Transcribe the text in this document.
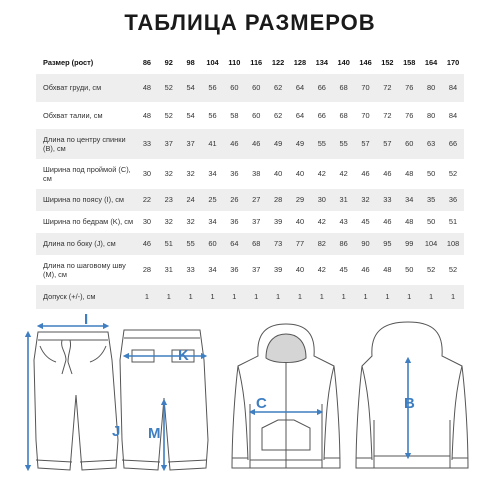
ТАБЛИЦА РАЗМЕРОВ
Размер (рост)	86	92	98	104	110	116	122	128	134	140	146	152	158	164	170
Обхват груди, см	48	52	54	56	60	60	62	64	66	68	70	72	76	80	84
Обхват талии, см	48	52	54	56	58	60	62	64	66	68	70	72	76	80	84
Длина по центру спинки (B), см	33	37	37	41	46	46	49	49	55	55	57	57	60	63	66
Ширина под проймой (C), см	30	32	32	34	36	38	40	40	42	42	46	46	48	50	52
Ширина по поясу (I), см	22	23	24	25	26	27	28	29	30	31	32	33	34	35	36
Ширина по бедрам (K), см	30	32	32	34	36	37	39	40	42	43	45	46	48	50	51
Длина по боку (J), см	46	51	55	60	64	68	73	77	82	86	90	95	99	104	108
Длина по шаговому шву (M), см	28	31	33	34	36	37	39	40	42	45	46	48	50	52	52
Допуск (+/-), см	1	1	1	1	1	1	1	1	1	1	1	1	1	1	1
I
J
K
M
C	B
